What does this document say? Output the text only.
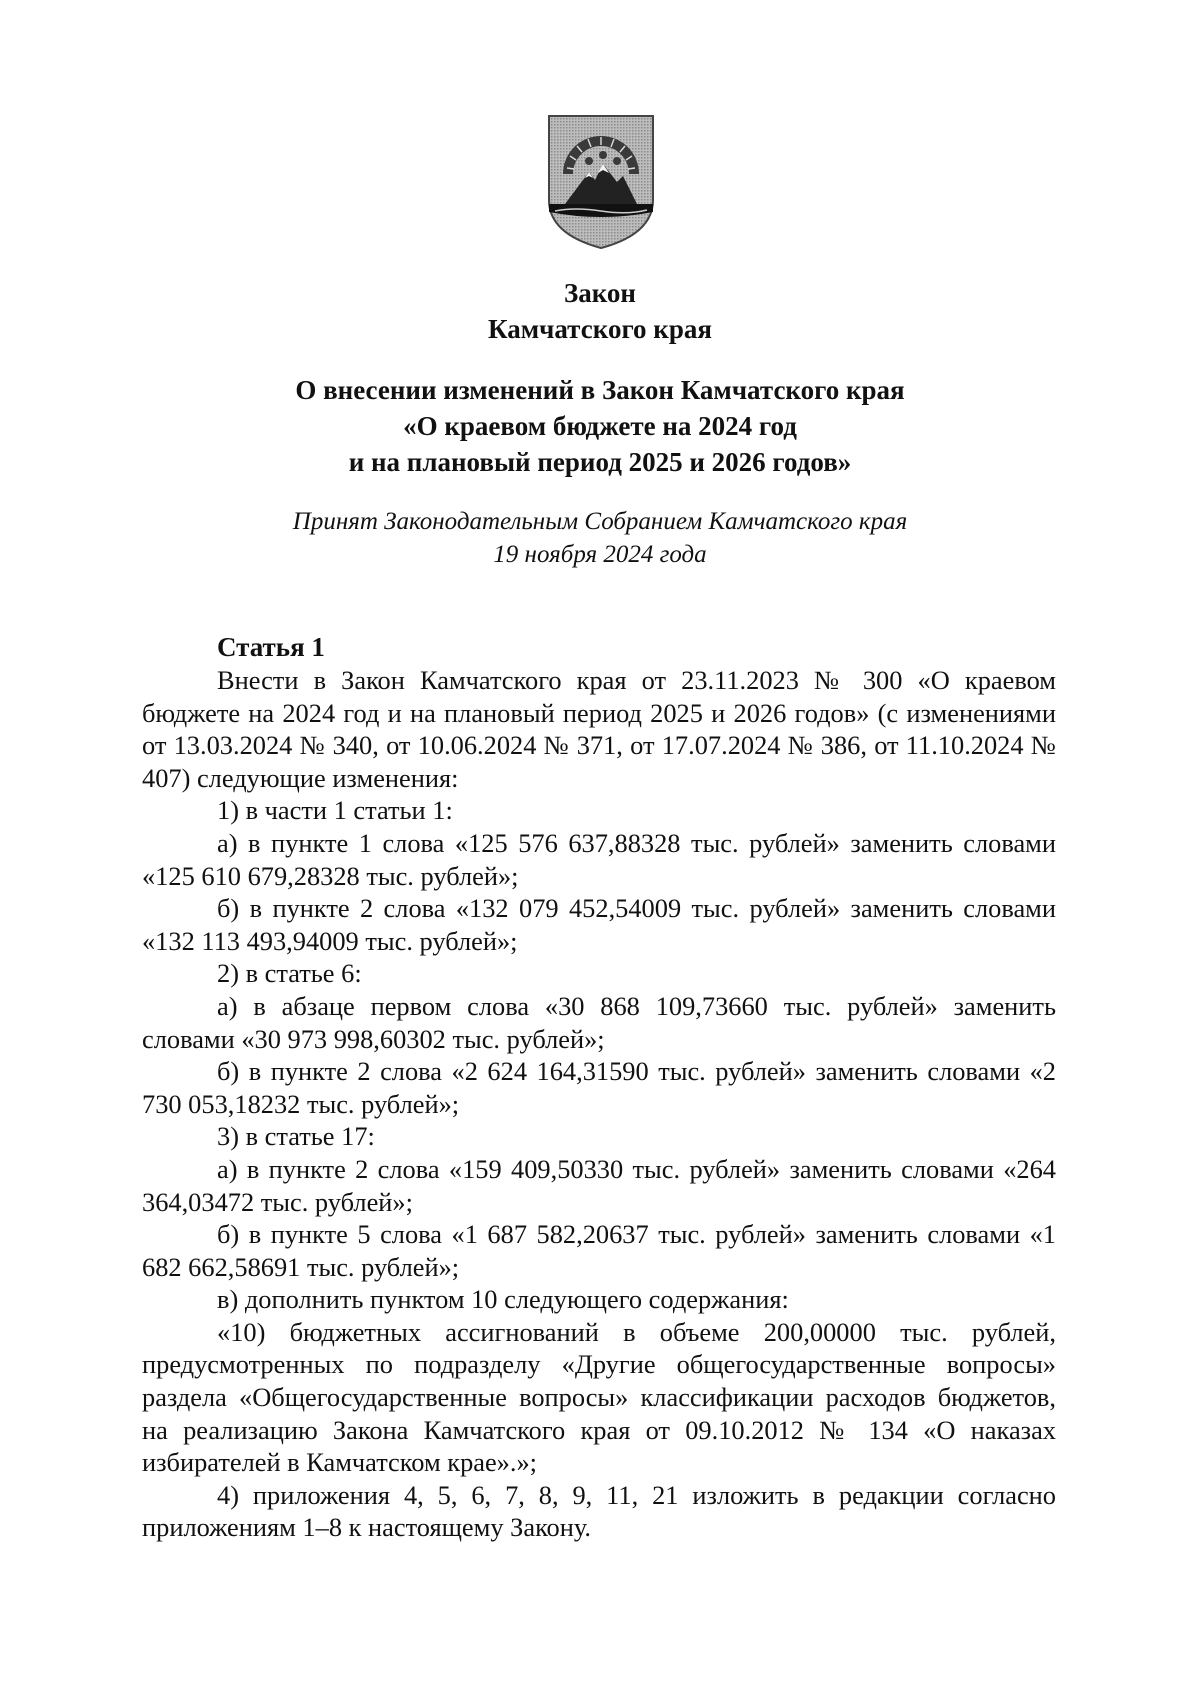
Закон
Камчатского края
О внесении изменений в Закон Камчатского края
«О краевом бюджете на 2024 год
и на плановый период 2025 и 2026 годов»
Принят Законодательным Собранием Камчатского края
19 ноября 2024 года
Статья 1

Внести в Закон Камчатского края от 23.11.2023 № 300 «О краевом бюджете на 2024 год и на плановый период 2025 и 2026 годов» (с изменениями от 13.03.2024 № 340, от 10.06.2024 № 371, от 17.07.2024 № 386, от 11.10.2024 № 407) следующие изменения:

1) в части 1 статьи 1:

а) в пункте 1 слова «125 576 637,88328 тыс. рублей» заменить словами «125 610 679,28328 тыс. рублей»;

б) в пункте 2 слова «132 079 452,54009 тыс. рублей» заменить словами «132 113 493,94009 тыс. рублей»;

2) в статье 6:

а) в абзаце первом слова «30 868 109,73660 тыс. рублей» заменить словами «30 973 998,60302 тыс. рублей»;

б) в пункте 2 слова «2 624 164,31590 тыс. рублей» заменить словами «2 730 053,18232 тыс. рублей»;

3) в статье 17:

а) в пункте 2 слова «159 409,50330 тыс. рублей» заменить словами «264 364,03472 тыс. рублей»;

б) в пункте 5 слова «1 687 582,20637 тыс. рублей» заменить словами «1 682 662,58691 тыс. рублей»;

в) дополнить пунктом 10 следующего содержания:

«10) бюджетных ассигнований в объеме 200,00000 тыс. рублей, предусмотренных по подразделу «Другие общегосударственные вопросы» раздела «Общегосударственные вопросы» классификации расходов бюджетов, на реализацию Закона Камчатского края от 09.10.2012 № 134 «О наказах избирателей в Камчатском крае».»;

4) приложения 4, 5, 6, 7, 8, 9, 11, 21 изложить в редакции согласно приложениям 1–8 к настоящему Закону.
